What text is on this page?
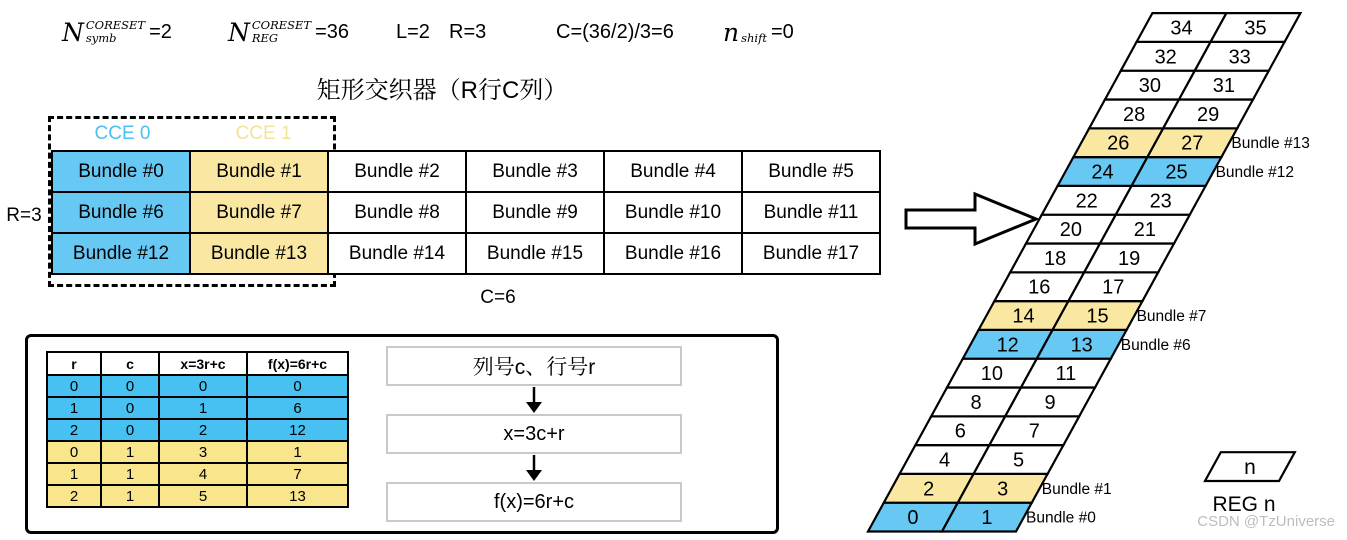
N CORESET
symb	=2 N CORESET
REG	=36 L=2 R=3	C=(36/2)/3=6 n
shift =0
矩形交织器（R行C列）
CCE 0	CCE 1
Bundle #0	Bundle #1	Bundle #2	Bundle #3	Bundle #4	Bundle #5
Bundle #6	Bundle #7	Bundle #8	Bundle #9	Bundle #10	Bundle #11
Bundle #12	Bundle #13	Bundle #14	Bundle #15	Bundle #16	Bundle #17
R=3
C=6
r	c	x=3r+c	f(x)=6r+c
0	0	0	0
1	0	1	6
2	0	2	12
0	1	3	1
1	1	4	7
2	1	5	13
列号c、行号r
x=3c+r
f(x)=6r+c
0	1
2	3
4	5
6	7
8	9
10	11
12	13
14	15
16	17
18	19
20	21
22	23
24	25
26	27
28	29
30	31
32	33
34	35
Bundle #0
Bundle #1
Bundle #6
Bundle #7
Bundle #12
Bundle #13
n
REG n
CSDN @TzUniverse
